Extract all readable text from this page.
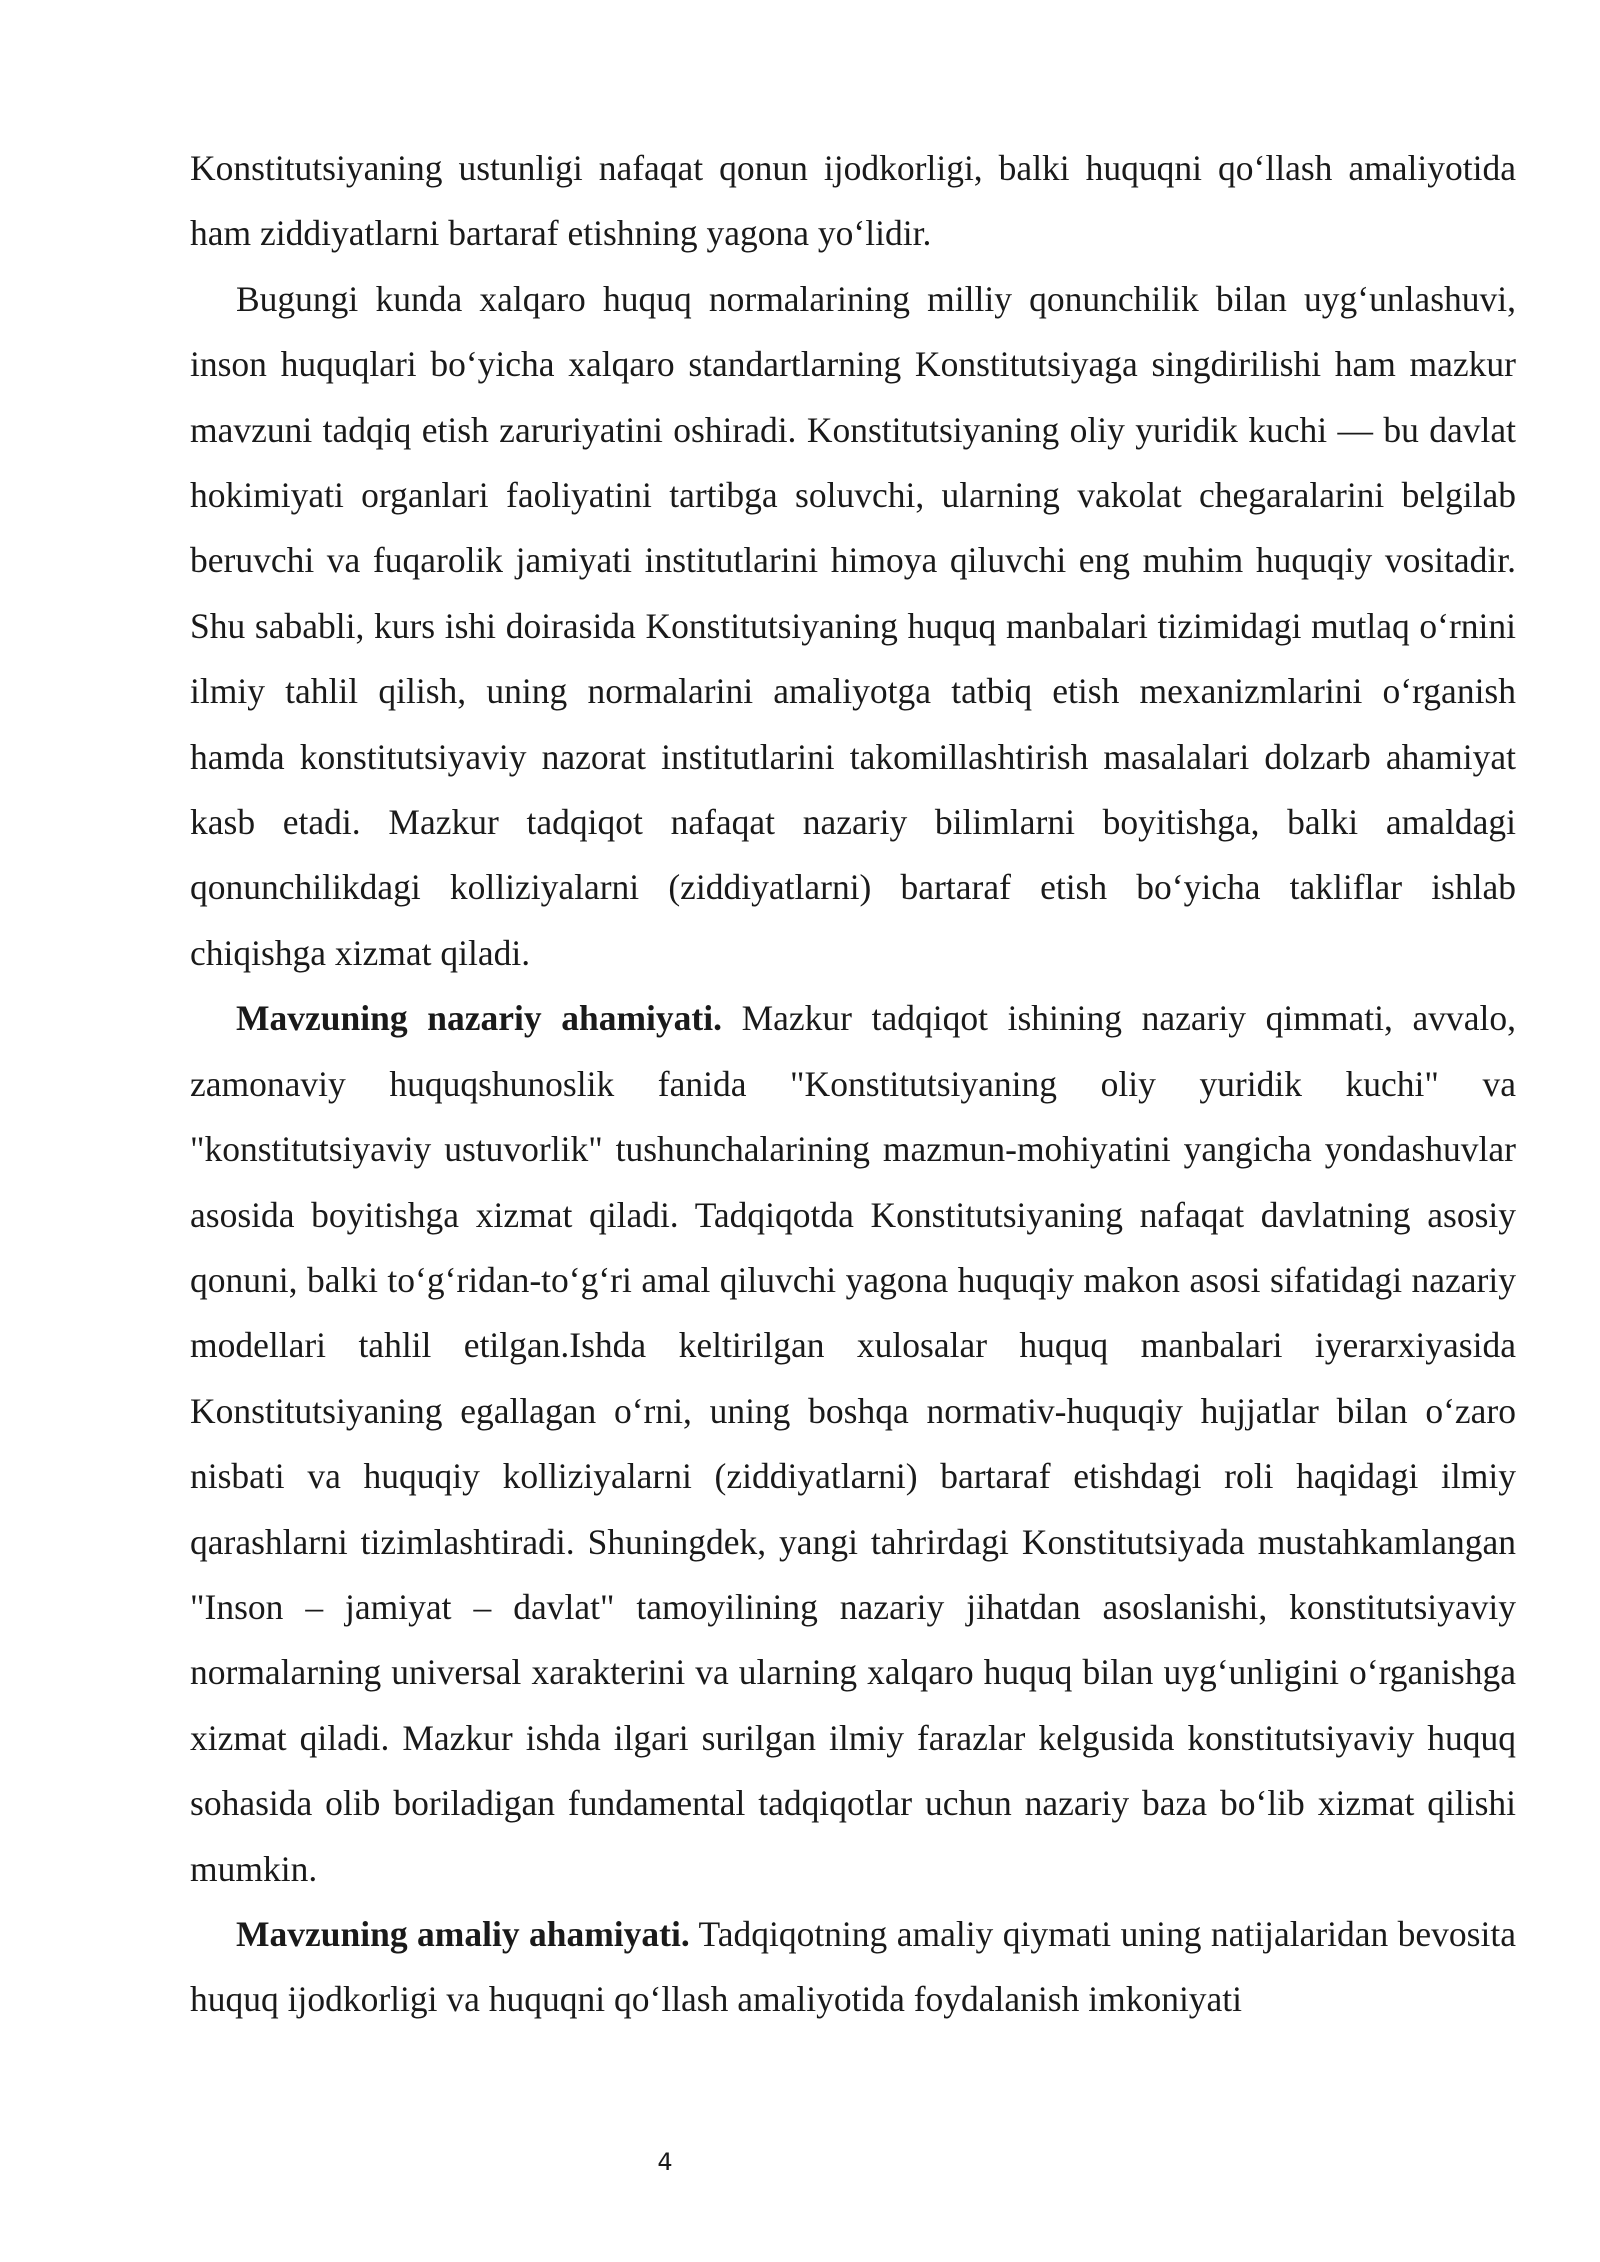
Konstitutsiyaning ustunligi nafaqat qonun ijodkorligi, balki huquqni qo‘llash amaliyotida ham ziddiyatlarni bartaraf etishning yagona yo‘lidir.

Bugungi kunda xalqaro huquq normalarining milliy qonunchilik bilan uyg‘unlashuvi, inson huquqlari bo‘yicha xalqaro standartlarning Konstitutsiyaga singdirilishi ham mazkur mavzuni tadqiq etish zaruriyatini oshiradi. Konstitutsiyaning oliy yuridik kuchi — bu davlat hokimiyati organlari faoliyatini tartibga soluvchi, ularning vakolat chegaralarini belgilab beruvchi va fuqarolik jamiyati institutlarini himoya qiluvchi eng muhim huquqiy vositadir. Shu sababli, kurs ishi doirasida Konstitutsiyaning huquq manbalari tizimidagi mutlaq o‘rnini ilmiy tahlil qilish, uning normalarini amaliyotga tatbiq etish mexanizmlarini o‘rganish hamda konstitutsiyaviy nazorat institutlarini takomillashtirish masalalari dolzarb ahamiyat kasb etadi. Mazkur tadqiqot nafaqat nazariy bilimlarni boyitishga, balki amaldagi qonunchilikdagi kolliziyalarni (ziddiyatlarni) bartaraf etish bo‘yicha takliflar ishlab chiqishga xizmat qiladi.

Mavzuning nazariy ahamiyati. Mazkur tadqiqot ishining nazariy qimmati, avvalo, zamonaviy huquqshunoslik fanida "Konstitutsiyaning oliy yuridik kuchi" va "konstitutsiyaviy ustuvorlik" tushunchalarining mazmun-mohiyatini yangicha yondashuvlar asosida boyitishga xizmat qiladi. Tadqiqotda Konstitutsiyaning nafaqat davlatning asosiy qonuni, balki to‘g‘ridan-to‘g‘ri amal qiluvchi yagona huquqiy makon asosi sifatidagi nazariy modellari tahlil etilgan.Ishda keltirilgan xulosalar huquq manbalari iyerarxiyasida Konstitutsiyaning egallagan o‘rni, uning boshqa normativ-huquqiy hujjatlar bilan o‘zaro nisbati va huquqiy kolliziyalarni (ziddiyatlarni) bartaraf etishdagi roli haqidagi ilmiy qarashlarni tizimlashtiradi. Shuningdek, yangi tahrirdagi Konstitutsiyada mustahkamlangan "Inson – jamiyat – davlat" tamoyilining nazariy jihatdan asoslanishi, konstitutsiyaviy normalarning universal xarakterini va ularning xalqaro huquq bilan uyg‘unligini o‘rganishga xizmat qiladi. Mazkur ishda ilgari surilgan ilmiy farazlar kelgusida konstitutsiyaviy huquq sohasida olib boriladigan fundamental tadqiqotlar uchun nazariy baza bo‘lib xizmat qilishi mumkin.

Mavzuning amaliy ahamiyati. Tadqiqotning amaliy qiymati uning natijalaridan bevosita huquq ijodkorligi va huquqni qo‘llash amaliyotida foydalanish imkoniyati

4
